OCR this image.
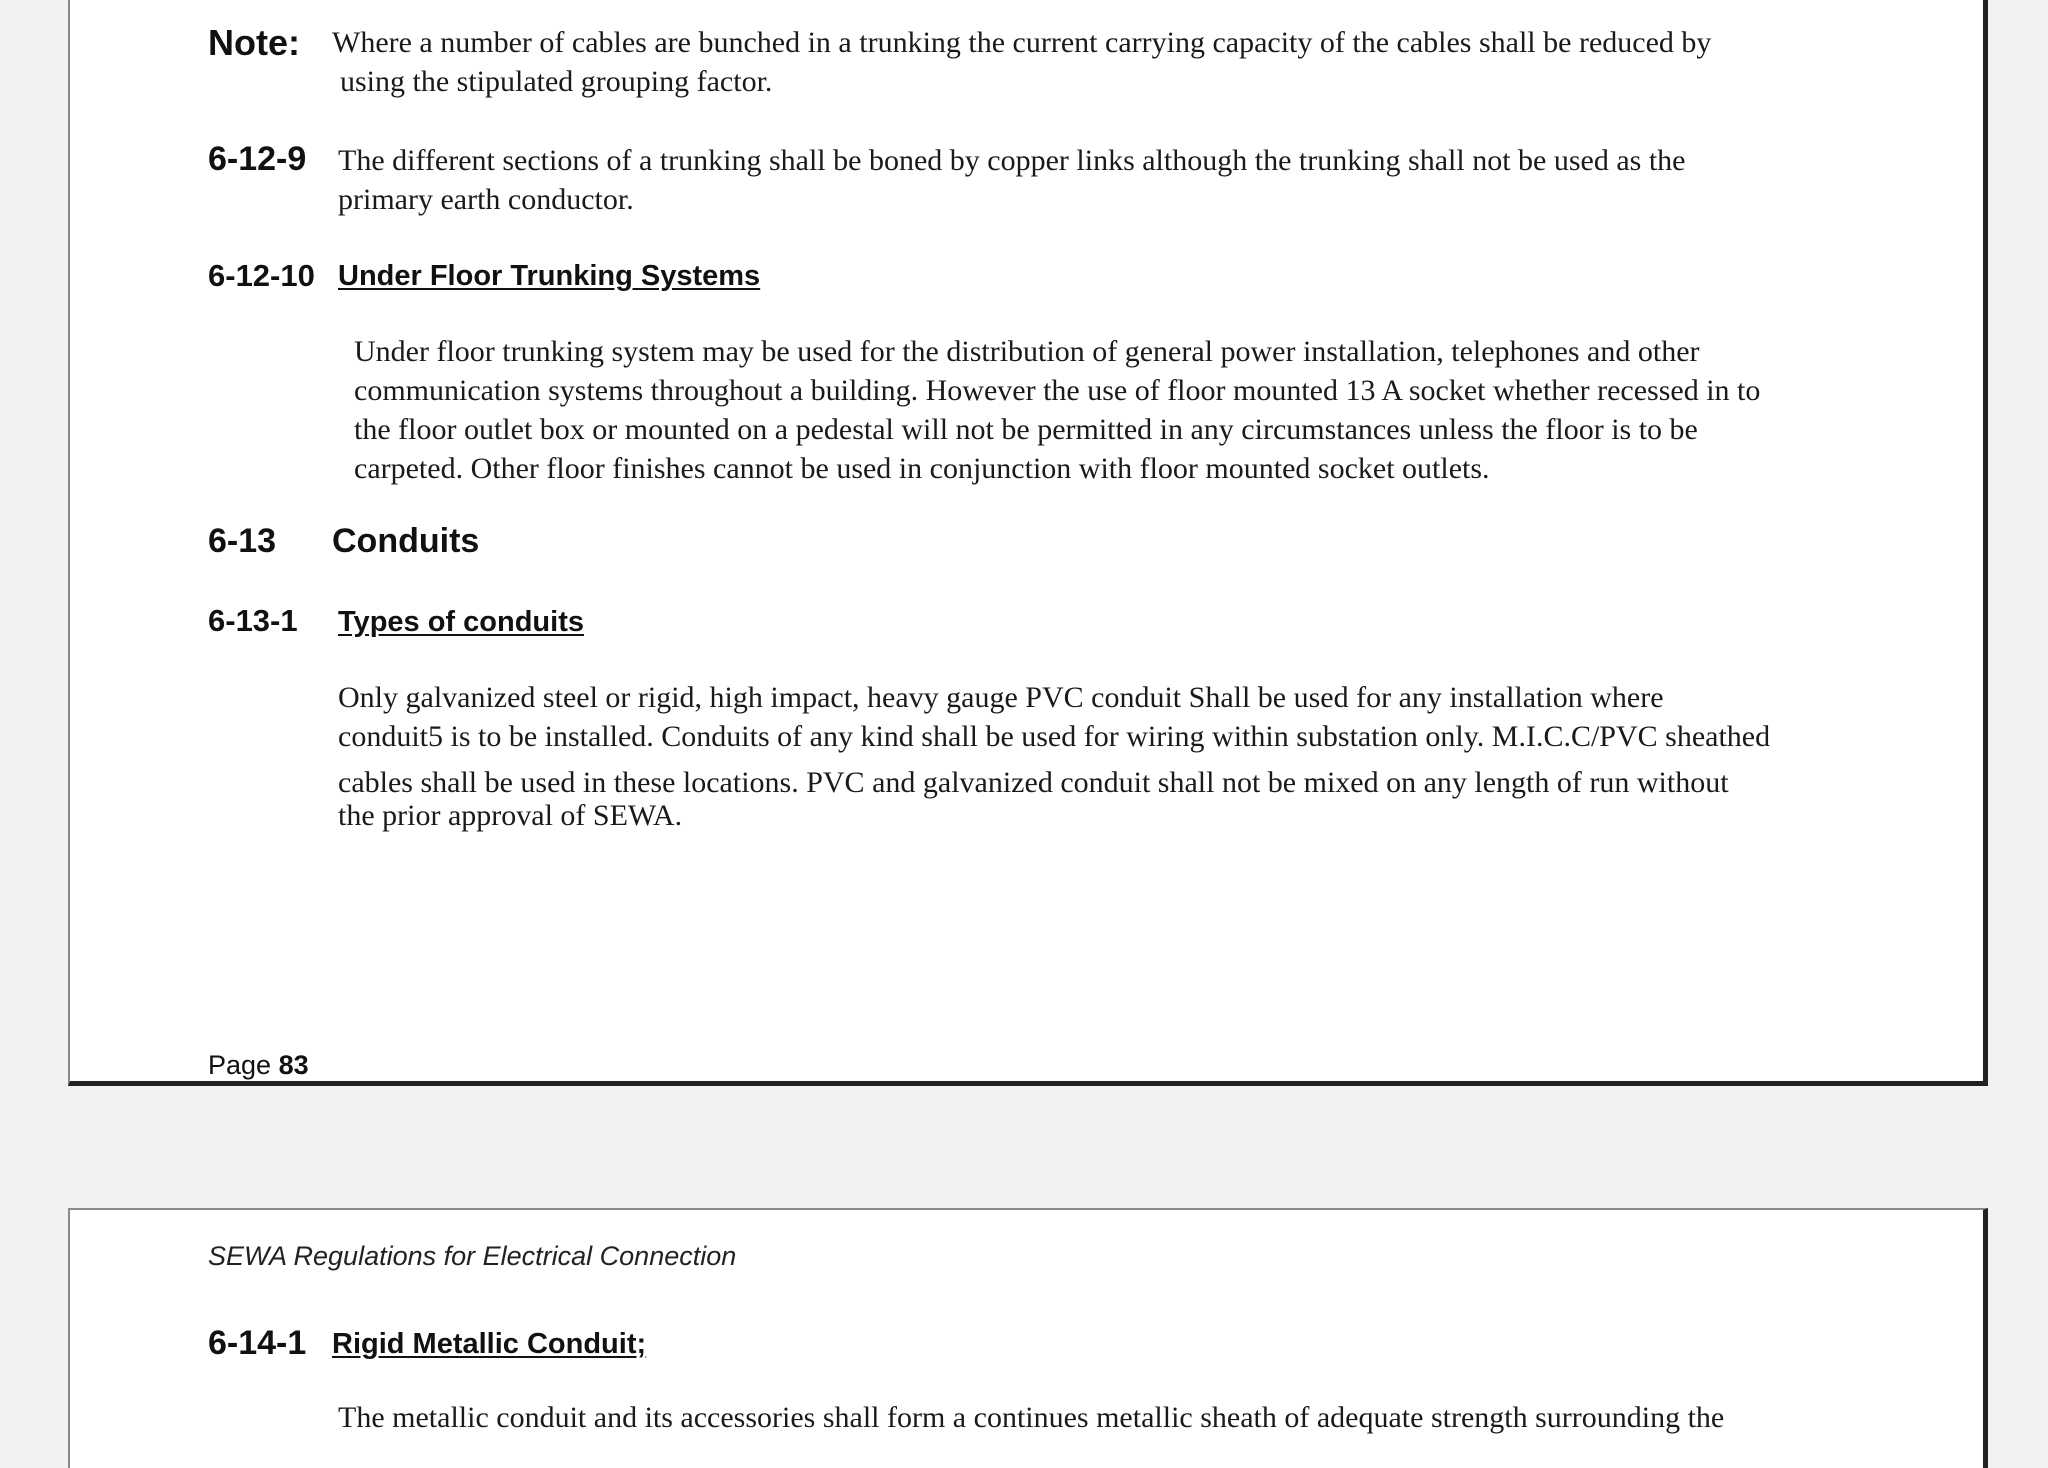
Note: Where a number of cables are bunched in a trunking the current carrying capacity of the cables shall be reduced by
using the stipulated grouping factor.
6-12-9 The different sections of a trunking shall be boned by copper links although the trunking shall not be used as the
primary earth conductor.
6-12-10 Under Floor Trunking Systems
Under floor trunking system may be used for the distribution of general power installation, telephones and other
communication systems throughout a building. However the use of floor mounted 13 A socket whether recessed in to
the floor outlet box or mounted on a pedestal will not be permitted in any circumstances unless the floor is to be
carpeted. Other floor finishes cannot be used in conjunction with floor mounted socket outlets.
6-13 Conduits
6-13-1 Types of conduits
Only galvanized steel or rigid, high impact, heavy gauge PVC conduit Shall be used for any installation where
conduit5 is to be installed. Conduits of any kind shall be used for wiring within substation only. M.I.C.C/PVC sheathed
cables shall be used in these locations. PVC and galvanized conduit shall not be mixed on any length of run without
the prior approval of SEWA.
Page 83
SEWA Regulations for Electrical Connection
6-14-1 Rigid Metallic Conduit;
The metallic conduit and its accessories shall form a continues metallic sheath of adequate strength surrounding the
